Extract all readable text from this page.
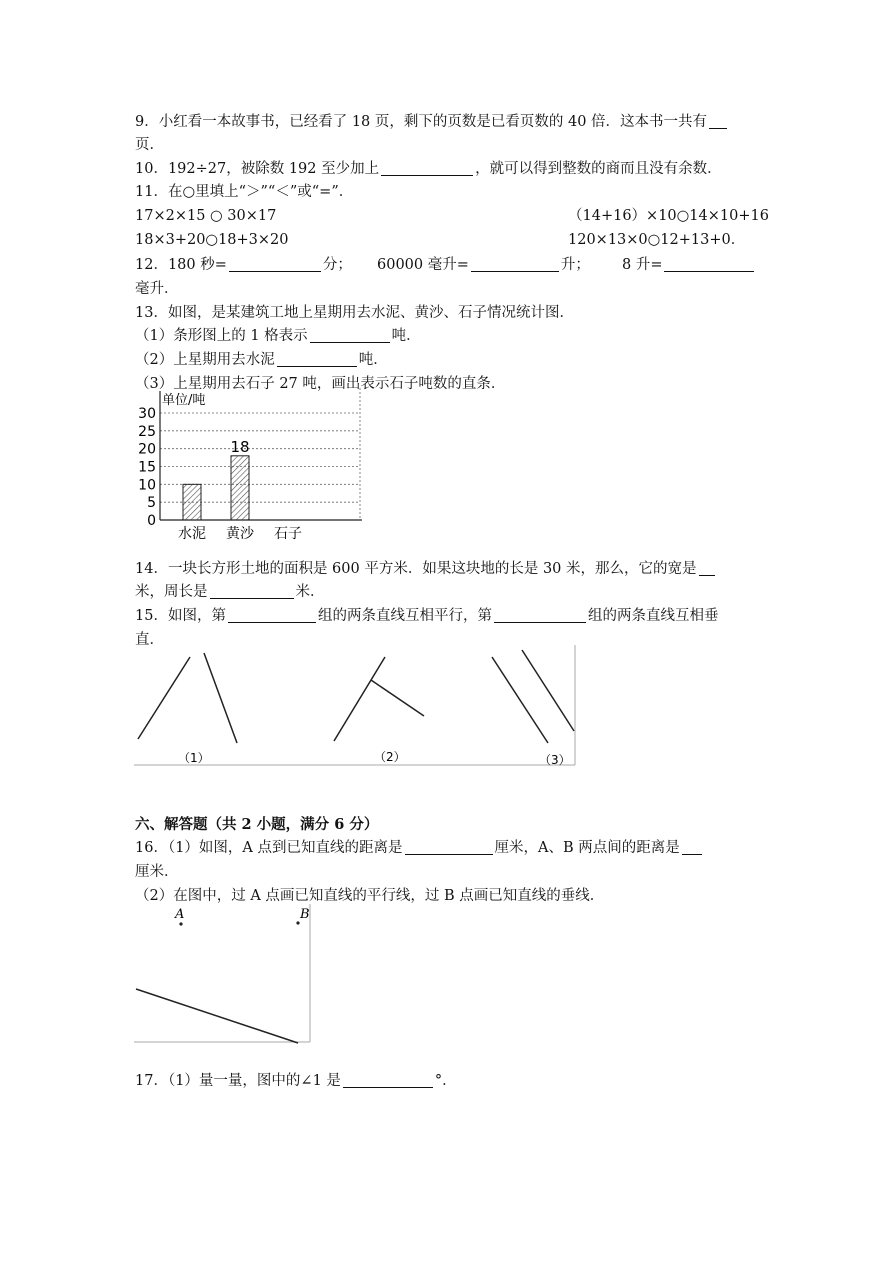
9．小红看一本故事书，已经看了 18 页，剩下的页数是已看页数的 40 倍．这本书一共有
页．
10．192÷27，被除数 192 至少加上	，就可以得到整数的商而且没有余数．
11．在○里填上“＞”“＜”或“=”．
17×2×15 ○ 30×17	（14+16）×10○14×10+16
18×3+20○18+3×20	120×13×0○12+13+0．
12．180 秒=	分； 60000 毫升=	升； 8 升=
毫升．
13．如图，是某建筑工地上星期用去水泥、黄沙、石子情况统计图．
（1）条形图上的 1 格表示	吨．
（2）上星期用去水泥	吨．
（3）上星期用去石子 27 吨，画出表示石子吨数的直条．
单位/吨
0
5
10
15
20
25
30
水泥
18
黄沙 石子
14．一块长方形土地的面积是 600 平方米．如果这块地的长是 30 米，那么，它的宽是
米，周长是	米．
15．如图，第	组的两条直线互相平行，第	组的两条直线互相垂
直．
（1）	（2）	（3）
六、解答题（共 2 小题，满分 6 分）
16．（1）如图，A 点到已知直线的距离是	厘米，A、B 两点间的距离是
厘米．
（2）在图中，过 A 点画已知直线的平行线，过 B 点画已知直线的垂线．
A	B
17．（1）量一量，图中的∠1 是	°．
